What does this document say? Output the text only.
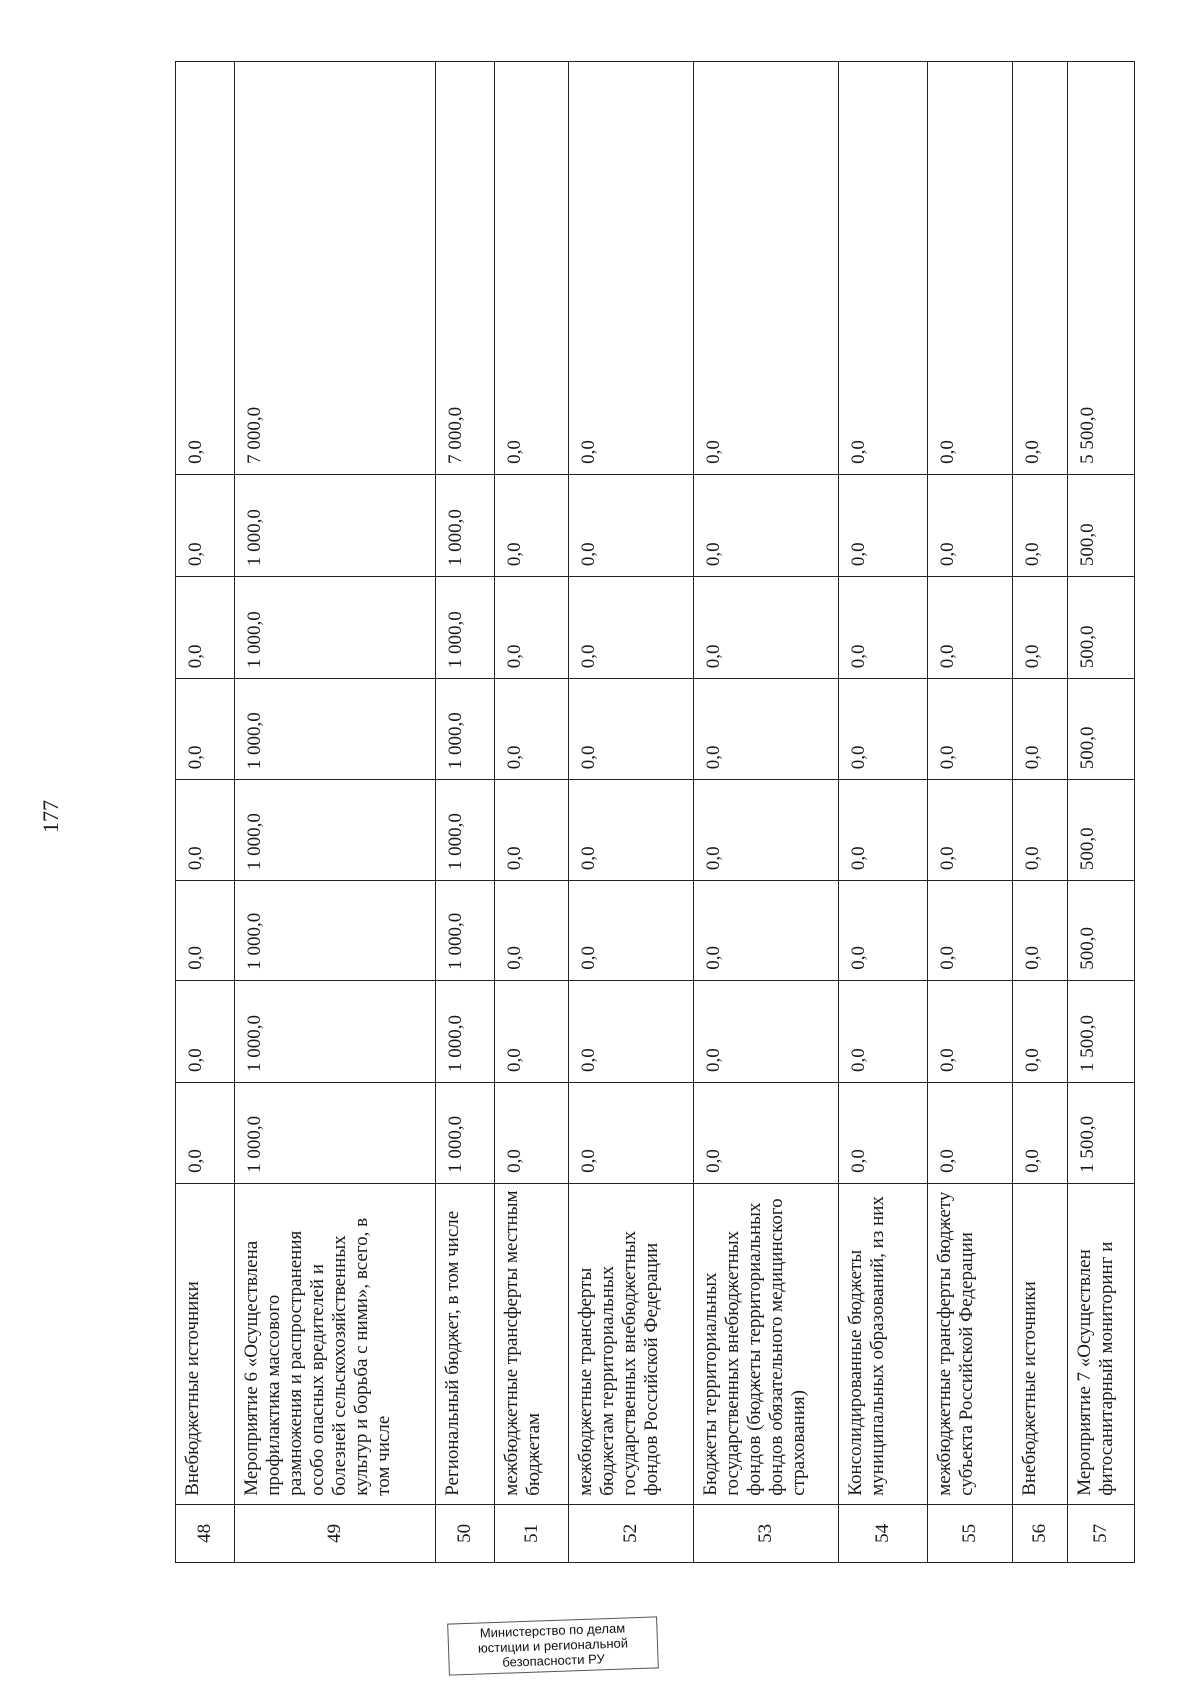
177
48	Внебюджетные источники	0,0	0,0	0,0	0,0	0,0	0,0	0,0	0,0

49	Мероприятие 6 «Осуществлена профилактика массового размножения и распространения особо опасных вредителей и болезней сельскохозяйственных культур и борьба с ними», всего, в том числе	1 000,0	1 000,0	1 000,0	1 000,0	1 000,0	1 000,0	1 000,0	7 000,0

50	Региональный бюджет, в том числе	1 000,0	1 000,0	1 000,0	1 000,0	1 000,0	1 000,0	1 000,0	7 000,0

51	межбюджетные трансферты местным бюджетам	0,0	0,0	0,0	0,0	0,0	0,0	0,0	0,0

52	межбюджетные трансферты бюджетам территориальных государственных внебюджетных фондов Российской Федерации	0,0	0,0	0,0	0,0	0,0	0,0	0,0	0,0

53	Бюджеты территориальных государственных внебюджетных фондов (бюджеты территориальных фондов обязательного медицинского страхования)	0,0	0,0	0,0	0,0	0,0	0,0	0,0	0,0

54	Консолидированные бюджеты муниципальных образований, из них	0,0	0,0	0,0	0,0	0,0	0,0	0,0	0,0

55	межбюджетные трансферты бюджету субъекта Российской Федерации	0,0	0,0	0,0	0,0	0,0	0,0	0,0	0,0

56	Внебюджетные источники	0,0	0,0	0,0	0,0	0,0	0,0	0,0	0,0

57	Мероприятие 7 «Осуществлен фитосанитарный мониторинг и	1 500,0	1 500,0	500,0	500,0	500,0	500,0	500,0	5 500,0
Министерство по делам
юстиции и региональной
безопасности РУ
